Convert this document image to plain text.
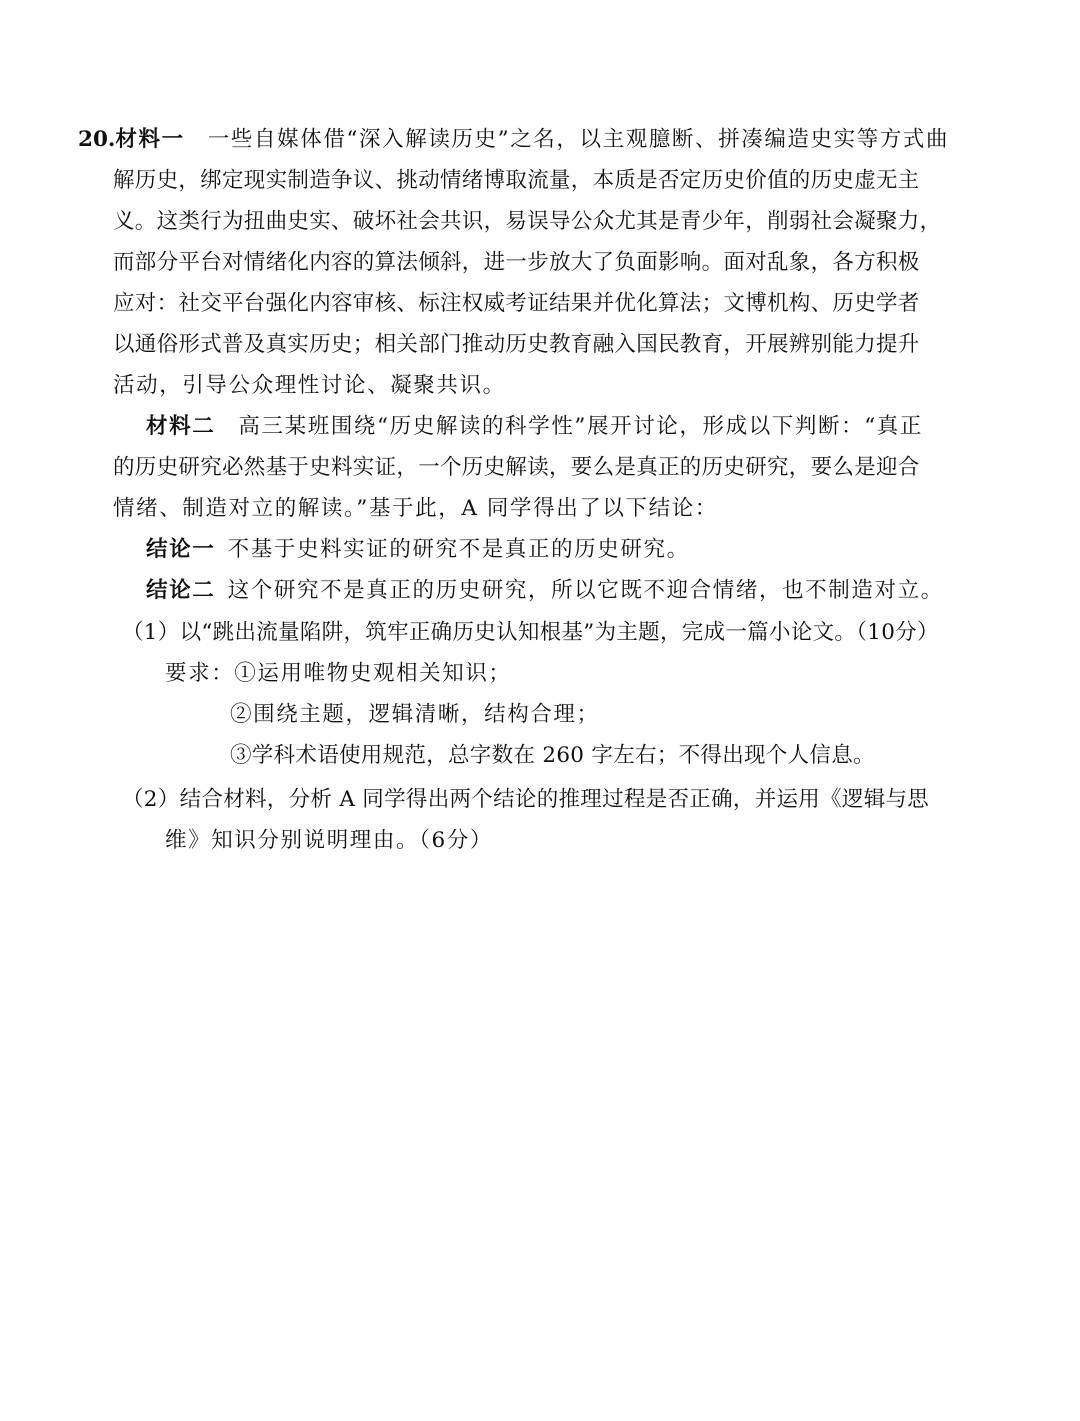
20.材料一  一些自媒体借“深入解读历史”之名，以主观臆断、拼凑编造史实等方式曲
解历史，绑定现实制造争议、挑动情绪博取流量，本质是否定历史价值的历史虚无主
义。这类行为扭曲史实、破坏社会共识，易误导公众尤其是青少年，削弱社会凝聚力，
而部分平台对情绪化内容的算法倾斜，进一步放大了负面影响。面对乱象，各方积极
应对：社交平台强化内容审核、标注权威考证结果并优化算法；文博机构、历史学者
以通俗形式普及真实历史；相关部门推动历史教育融入国民教育，开展辨别能力提升
活动，引导公众理性讨论、凝聚共识。
材料二  高三某班围绕“历史解读的科学性”展开讨论，形成以下判断：“真正
的历史研究必然基于史料实证，一个历史解读，要么是真正的历史研究，要么是迎合
情绪、制造对立的解读。”基于此，A 同学得出了以下结论：
结论一  不基于史料实证的研究不是真正的历史研究。
结论二  这个研究不是真正的历史研究，所以它既不迎合情绪，也不制造对立。
（1）以“跳出流量陷阱，筑牢正确历史认知根基”为主题，完成一篇小论文。（10分）
要求：①运用唯物史观相关知识；
②围绕主题，逻辑清晰，结构合理；
③学科术语使用规范，总字数在 260 字左右；不得出现个人信息。
（2）结合材料，分析 A 同学得出两个结论的推理过程是否正确，并运用《逻辑与思
维》知识分别说明理由。（6分）
